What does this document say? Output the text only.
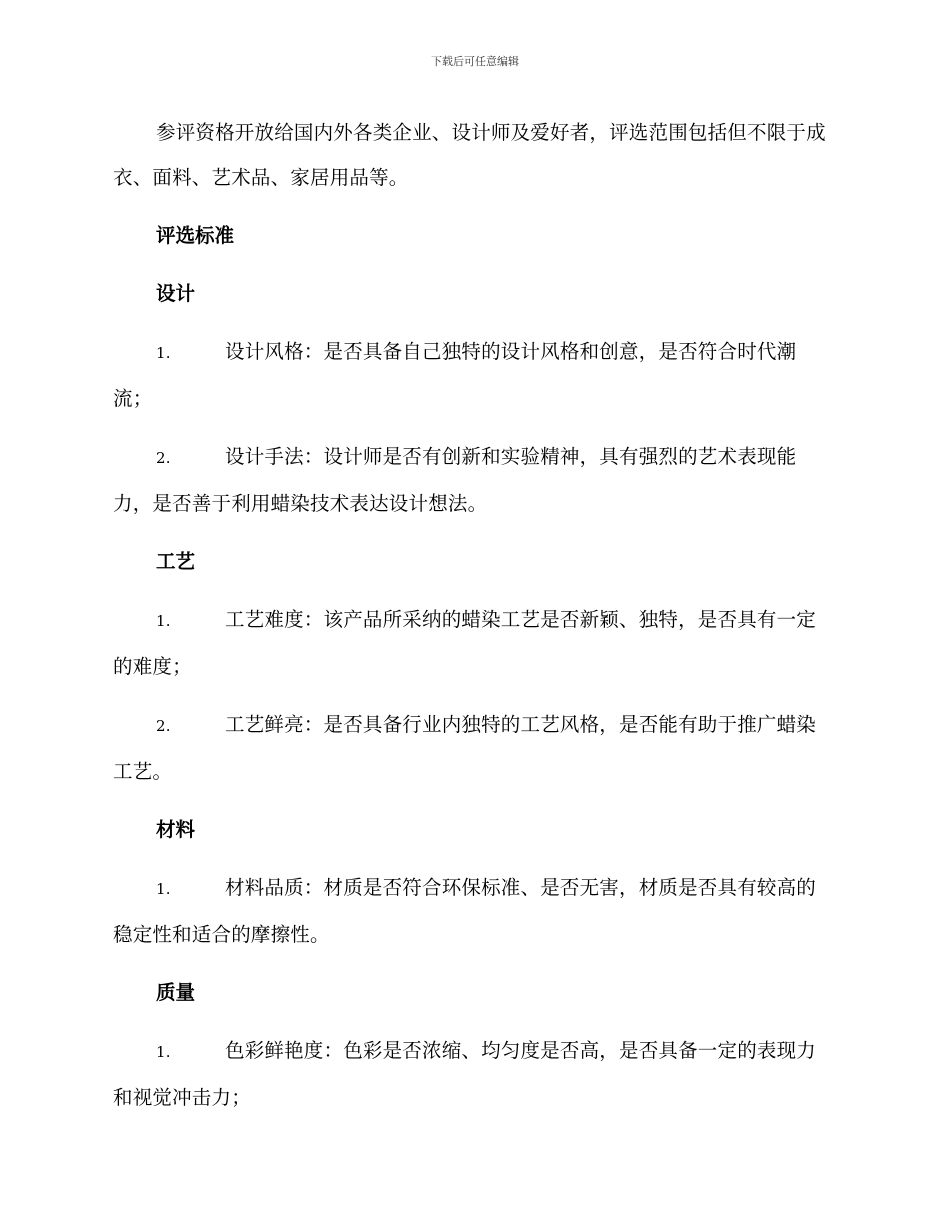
下载后可任意编辑

参评资格开放给国内外各类企业、设计师及爱好者，评选范围包括但不限于成衣、面料、艺术品、家居用品等。

评选标准

设计

1.	设计风格：是否具备自己独特的设计风格和创意，是否符合时代潮流；

2.	设计手法：设计师是否有创新和实验精神，具有强烈的艺术表现能力，是否善于利用蜡染技术表达设计想法。

工艺

1.	工艺难度：该产品所采纳的蜡染工艺是否新颖、独特，是否具有一定的难度；

2.	工艺鲜亮：是否具备行业内独特的工艺风格，是否能有助于推广蜡染工艺。

材料

1.	材料品质：材质是否符合环保标准、是否无害，材质是否具有较高的稳定性和适合的摩擦性。

质量

1.	色彩鲜艳度：色彩是否浓缩、均匀度是否高，是否具备一定的表现力和视觉冲击力；
